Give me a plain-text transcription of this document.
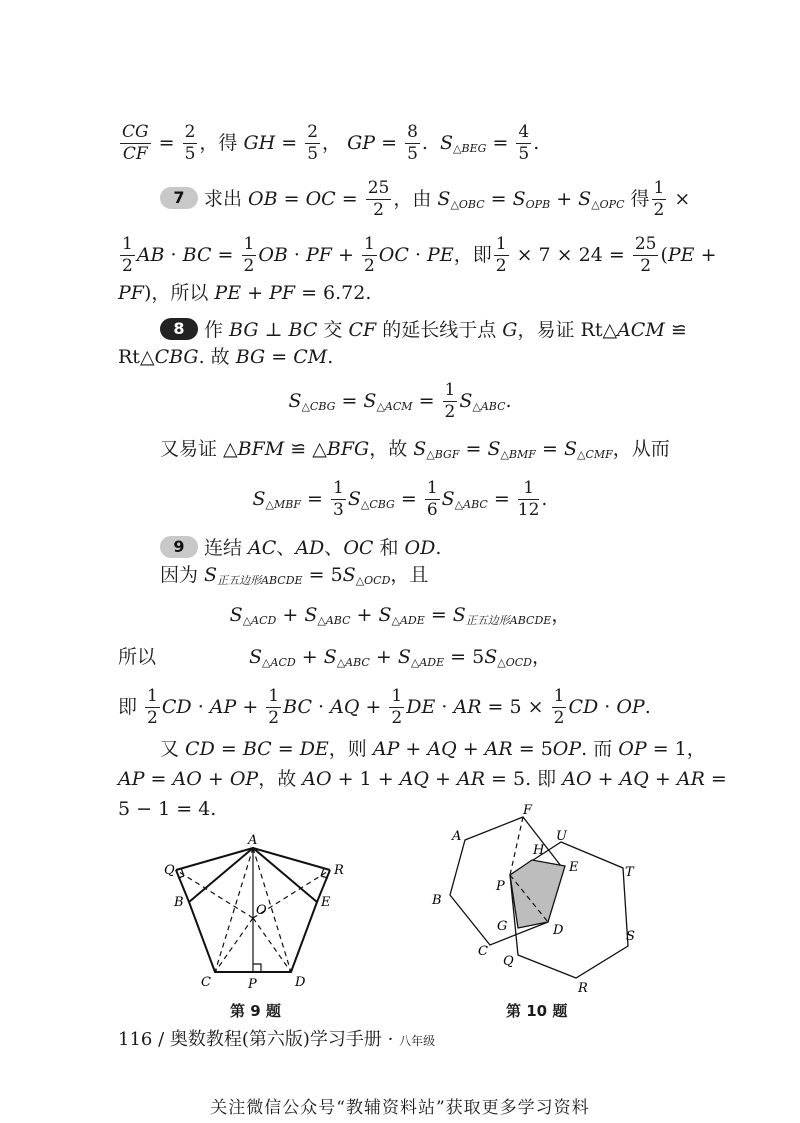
$\frac{CG}{CF} = \frac{2}{5}$ ，得 GH = $\frac{2}{5}$ ， GP = $\frac{8}{5}$ .  $S_{\triangle BEG} = \frac{4}{5}$ .
7 求出 OB = OC = $\frac{25}{2}$ ，由 $S_{\triangle OBC} = S_{OPB} + S_{\triangle OPC}$ 得 $\frac{1}{2}$ ×
$\frac{1}{2}$ AB · BC = $\frac{1}{2}$ OB · PF + $\frac{1}{2}$ OC · PE，即 $\frac{1}{2} \times 7 \times 24 = \frac{25}{2} (PE$ +
PF)，所以 PE + PF = 6.72.
8 作 BG ⊥ BC 交 CF 的延长线于点 G，易证 Rt△ACM ≌
Rt△CBG. 故 BG = CM.
$S_{\triangle CBG} = S_{\triangle ACM} = \frac{1}{2} S_{\triangle ABC}$.
又易证 △BFM ≌ △BFG，故 $S_{\triangle BGF} = S_{\triangle BMF} = S_{\triangle CMF}$，从而
$S_{\triangle MBF} = \frac{1}{3} S_{\triangle CBG} = \frac{1}{6} S_{\triangle ABC} = \frac{1}{12}$ .
9 连结 AC、AD、OC 和 OD.
因为 $S_{正五边形ABCDE} = 5S_{\triangle OCD}$，且
$S_{\triangle ACD} + S_{\triangle ABC} + S_{\triangle ADE} = S_{正五边形ABCDE}$，
所以	$S_{\triangle ACD} + S_{\triangle ABC} + S_{\triangle ADE} = 5S_{\triangle OCD}$，
即 $\frac{1}{2}$ CD · AP + $\frac{1}{2}$ BC · AQ + $\frac{1}{2}$ DE · AR = $5 \times \frac{1}{2}$ CD · OP.
又 CD = BC = DE，则 AP + AQ + AR = 5OP. 而 OP = 1，
AP = AO + OP，故 AO + 1 + AQ + AR = 5. 即 AO + AQ + AR =
5 − 1 = 4.
A
Q	R
B	E
O
C	P	D
第 9 题
F
A	U
H
E	T
P
B
G	D	S
C
Q
R
第 10 题
116 / 奥数教程(第六版)学习手册 · 八年级
关注微信公众号“教辅资料站”获取更多学习资料
